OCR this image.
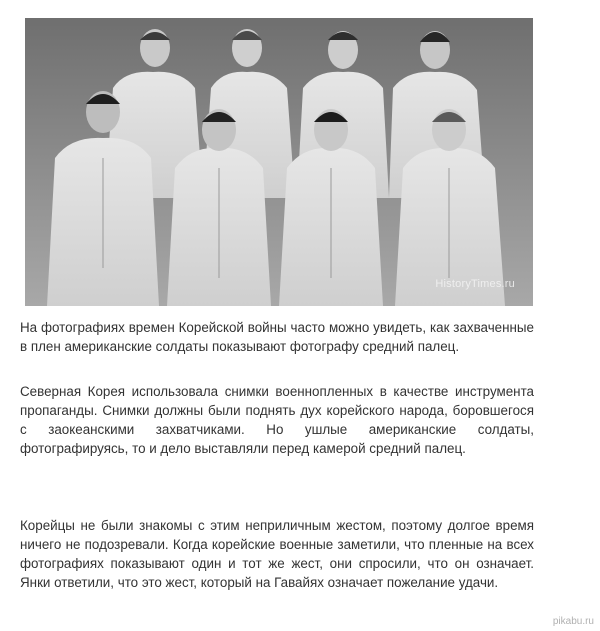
HistoryTimes.ru

На фотографиях времен Корейской войны часто можно увидеть, как захваченные в плен американские солдаты показывают фотографу средний палец.

Северная Корея использовала снимки военнопленных в качестве инструмента пропаганды. Снимки должны были поднять дух корейского народа, боровшегося с заокеанскими захватчиками. Но ушлые американские солдаты, фотографируясь, то и дело выставляли перед камерой средний палец.

Корейцы не были знакомы с этим неприличным жестом, поэтому долгое время ничего не подозревали. Когда корейские военные заметили, что пленные на всех фотографиях показывают один и тот же жест, они спросили, что он означает. Янки ответили, что это жест, который на Гавайях означает пожелание удачи.

pikabu.ru
